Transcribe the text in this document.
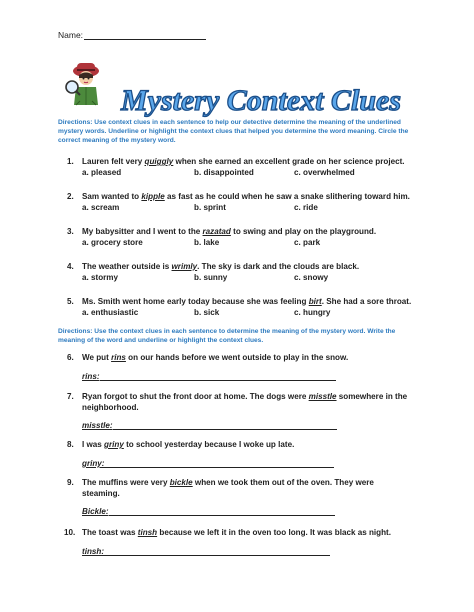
Name:
Mystery Context Clues
Directions: Use context clues in each sentence to help our detective determine the meaning of the underlined mystery words. Underline or highlight the context clues that helped you determine the word meaning. Circle the correct meaning of the mystery word.
1. Lauren felt very quiggly when she earned an excellent grade on her science project.
a. pleased	b. disappointed	c. overwhelmed
2. Sam wanted to kipple as fast as he could when he saw a snake slithering toward him.
a. scream	b. sprint	c. ride
3. My babysitter and I went to the razatad to swing and play on the playground.
a. grocery store	b. lake	c. park
4. The weather outside is wrimly. The sky is dark and the clouds are black.
a. stormy	b. sunny	c. snowy
5. Ms. Smith went home early today because she was feeling birt. She had a sore throat.
a. enthusiastic	b. sick	c. hungry
Directions: Use the context clues in each sentence to determine the meaning of the mystery word. Write the meaning of the word and underline or highlight the context clues.
6. We put rins on our hands before we went outside to play in the snow.
rins:
7. Ryan forgot to shut the front door at home. The dogs were misstle somewhere in the
neighborhood.
misstle:
8. I was griny to school yesterday because I woke up late.
griny:
9. The muffins were very bickle when we took them out of the oven. They were
steaming.
Bickle:
10. The toast was tinsh because we left it in the oven too long. It was black as night.
tinsh:
